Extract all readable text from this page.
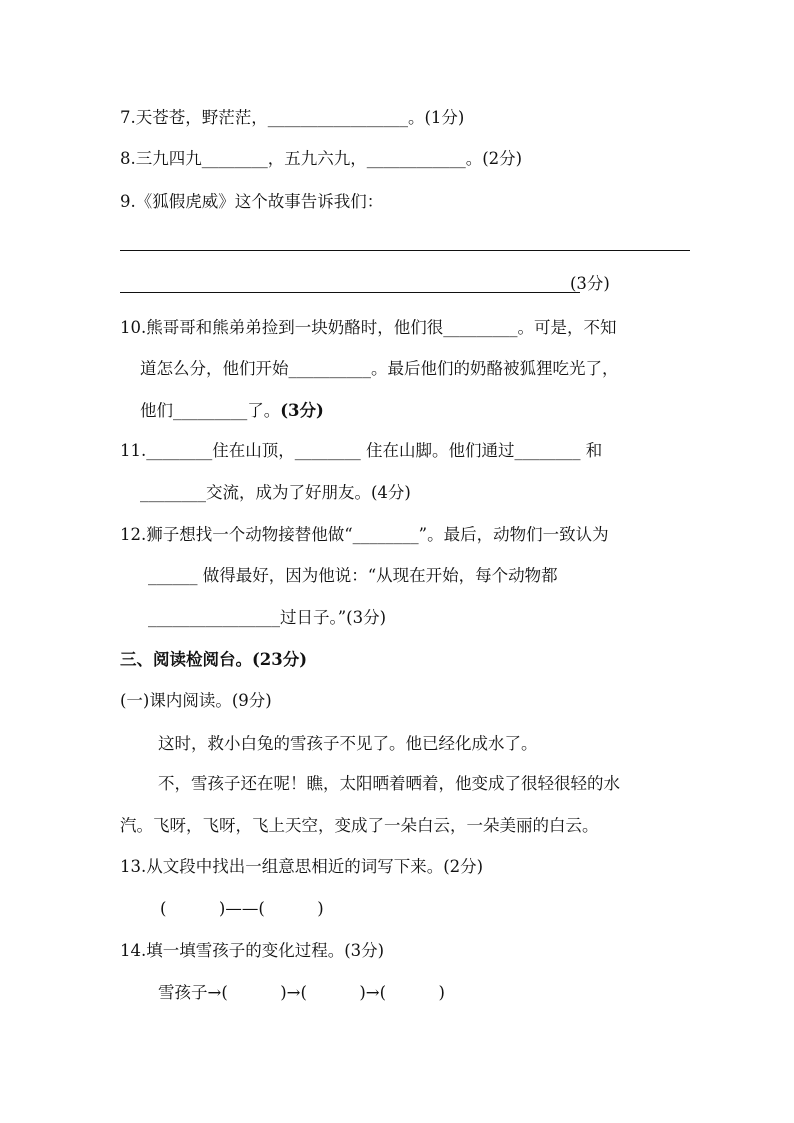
7.天苍苍，野茫茫，_________________。(1分)
8.三九四九________，五九六九，____________。(2分)
9.《狐假虎威》这个故事告诉我们：
(3分)
10.熊哥哥和熊弟弟捡到一块奶酪时，他们很_________。可是，不知
道怎么分，他们开始__________。最后他们的奶酪被狐狸吃光了，
他们_________了。(3分)
11.________住在山顶，________ 住在山脚。他们通过________ 和
________交流，成为了好朋友。(4分)
12.狮子想找一个动物接替他做“________”。最后，动物们一致认为
______ 做得最好，因为他说：“从现在开始，每个动物都
________________过日子。”(3分)
三、阅读检阅台。(23分)
(一)课内阅读。(9分)
这时，救小白兔的雪孩子不见了。他已经化成水了。
不，雪孩子还在呢！瞧，太阳晒着晒着，他变成了很轻很轻的水
汽。飞呀，飞呀，飞上天空，变成了一朵白云，一朵美丽的白云。
13.从文段中找出一组意思相近的词写下来。(2分)
(          )——(          )
14.填一填雪孩子的变化过程。(3分)
雪孩子→(          )→(          )→(          )
